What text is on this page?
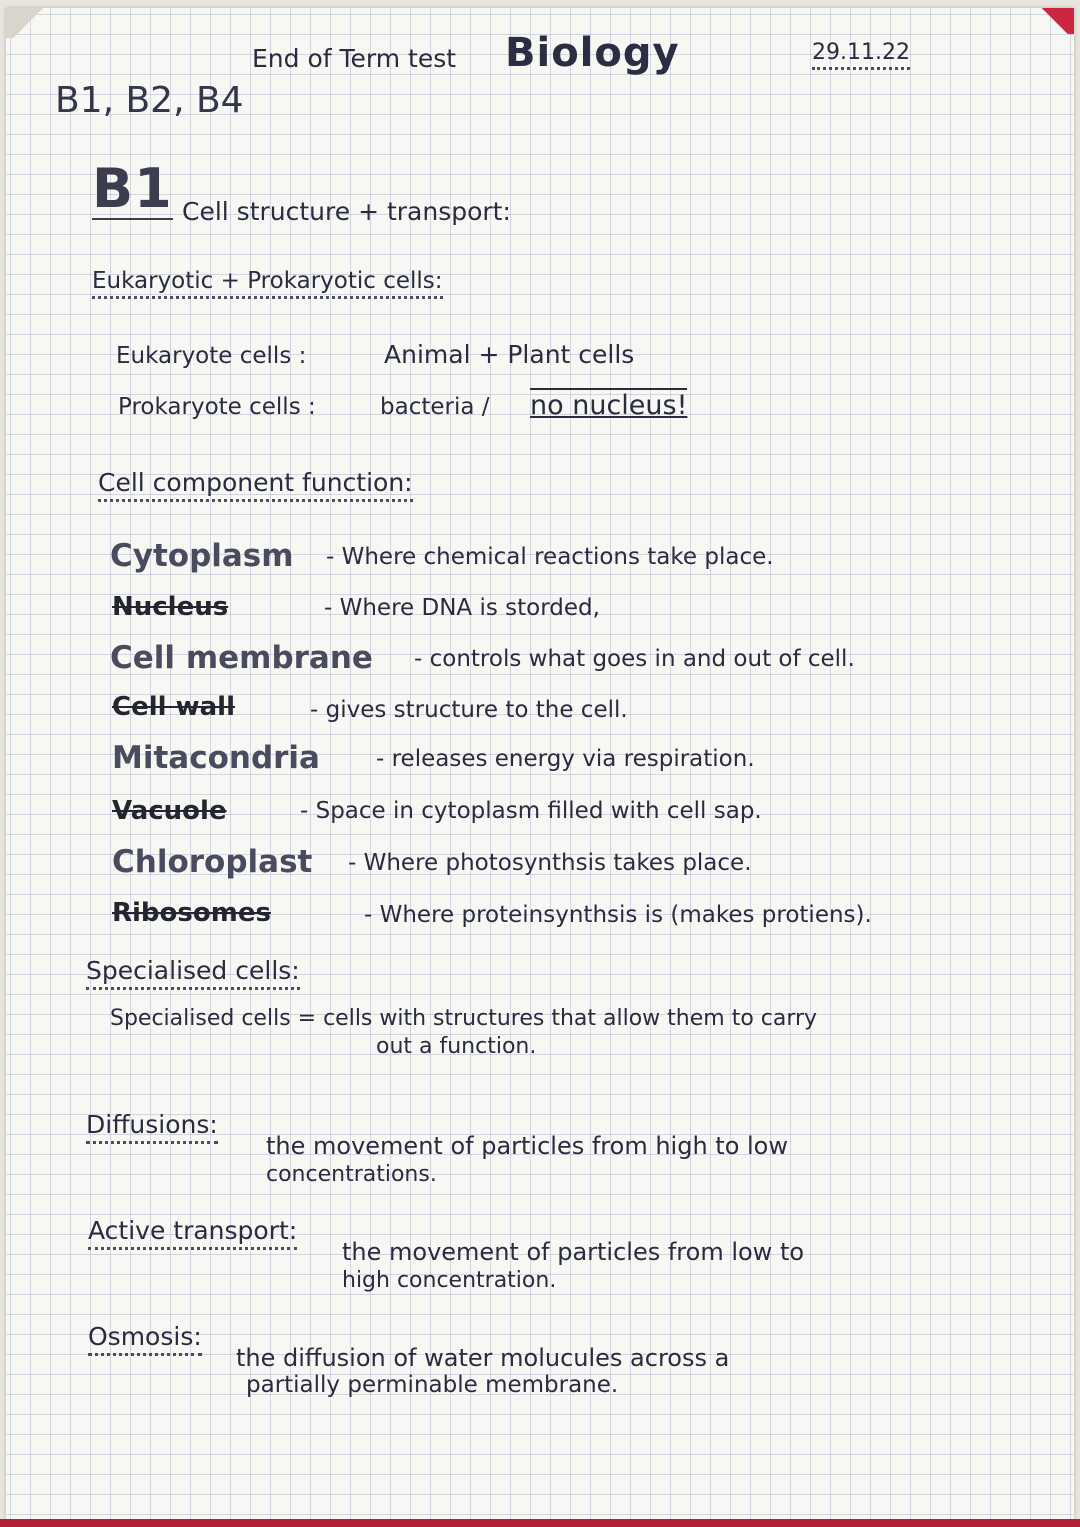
End of Term test Biology	29.11.22
B1, B2, B4
B1 Cell structure + transport:
Eukaryotic + Prokaryotic cells:
Eukaryote cells :	Animal + Plant cells
Prokaryote cells :	bacteria / no nucleus!
Cell component function:
Cytoplasm - Where chemical reactions take place.
Nucleus	- Where DNA is storded,
Cell membrane - controls what goes in and out of cell.
Cell wall	- gives structure to the cell.
Mitacondria - releases energy via respiration.
Vacuole	- Space in cytoplasm filled with cell sap.
Chloroplast - Where photosynthsis takes place.
Ribosomes	- Where proteinsynthsis is (makes protiens).
Specialised cells:
Specialised cells = cells with structures that allow them to carry
out a function.
Diffusions:
the movement of particles from high to low
concentrations.
Active transport:
the movement of particles from low to
high concentration.
Osmosis:
the diffusion of water molucules across a
partially perminable membrane.
